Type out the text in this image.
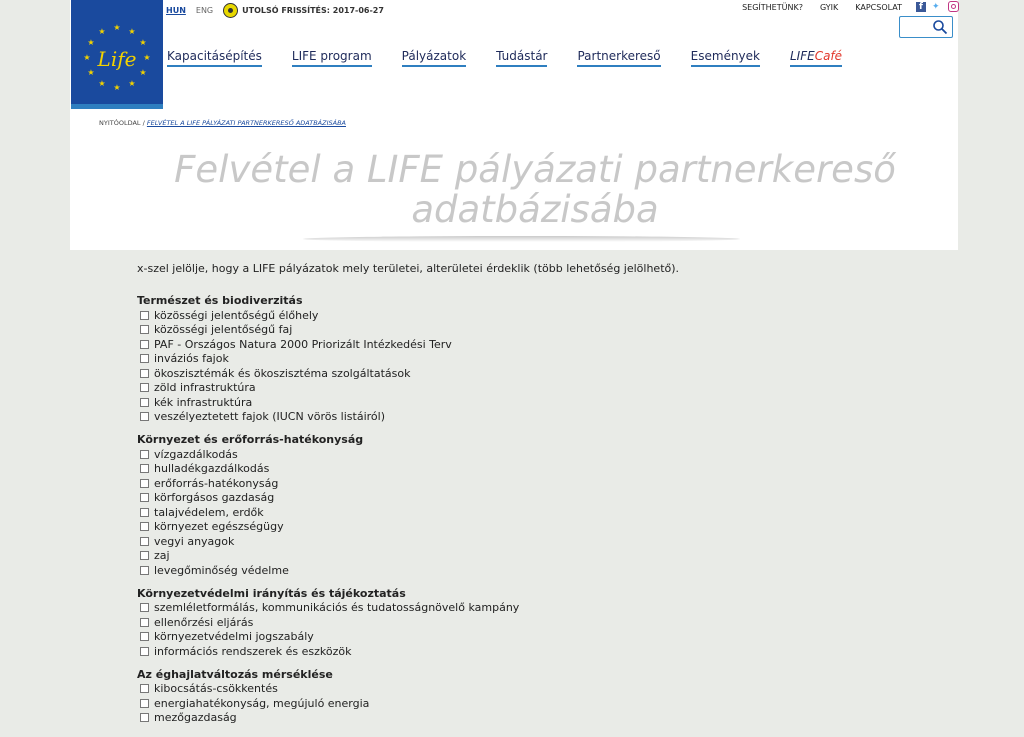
★ ★
★
★
★
★
★
★
★
★
★
★
Life
HUN ENG	UTOLSÓ FRISSÍTÉS: 2017-06-27	SEGÍTHETÜNK? GYIK KAPCSOLAT	f	✦
Kapacitásépítés	LIFE program	Pályázatok	Tudástár	Partnerkereső	Események	LIFECafé
NYITÓOLDAL / FELVÉTEL A LIFE PÁLYÁZATI PARTNERKERESŐ ADATBÁZISÁBA
Felvétel a LIFE pályázati partnerkereső
adatbázisába
x-szel jelölje, hogy a LIFE pályázatok mely területei, alterületei érdeklik (több lehetőség jelölhető).
Természet és biodiverzitás
közösségi jelentőségű élőhely
közösségi jelentőségű faj
PAF - Országos Natura 2000 Priorizált Intézkedési Terv
inváziós fajok
ökoszisztémák és ökoszisztéma szolgáltatások
zöld infrastruktúra
kék infrastruktúra
veszélyeztetett fajok (IUCN vörös listáiról)
Környezet és erőforrás-hatékonyság
vízgazdálkodás
hulladékgazdálkodás
erőforrás-hatékonyság
körforgásos gazdaság
talajvédelem, erdők
környezet egészségügy
vegyi anyagok
zaj
levegőminőség védelme
Környezetvédelmi irányítás és tájékoztatás
szemléletformálás, kommunikációs és tudatosságnövelő kampány
ellenőrzési eljárás
környezetvédelmi jogszabály
információs rendszerek és eszközök
Az éghajlatváltozás mérséklése
kibocsátás-csökkentés
energiahatékonyság, megújuló energia
mezőgazdaság
